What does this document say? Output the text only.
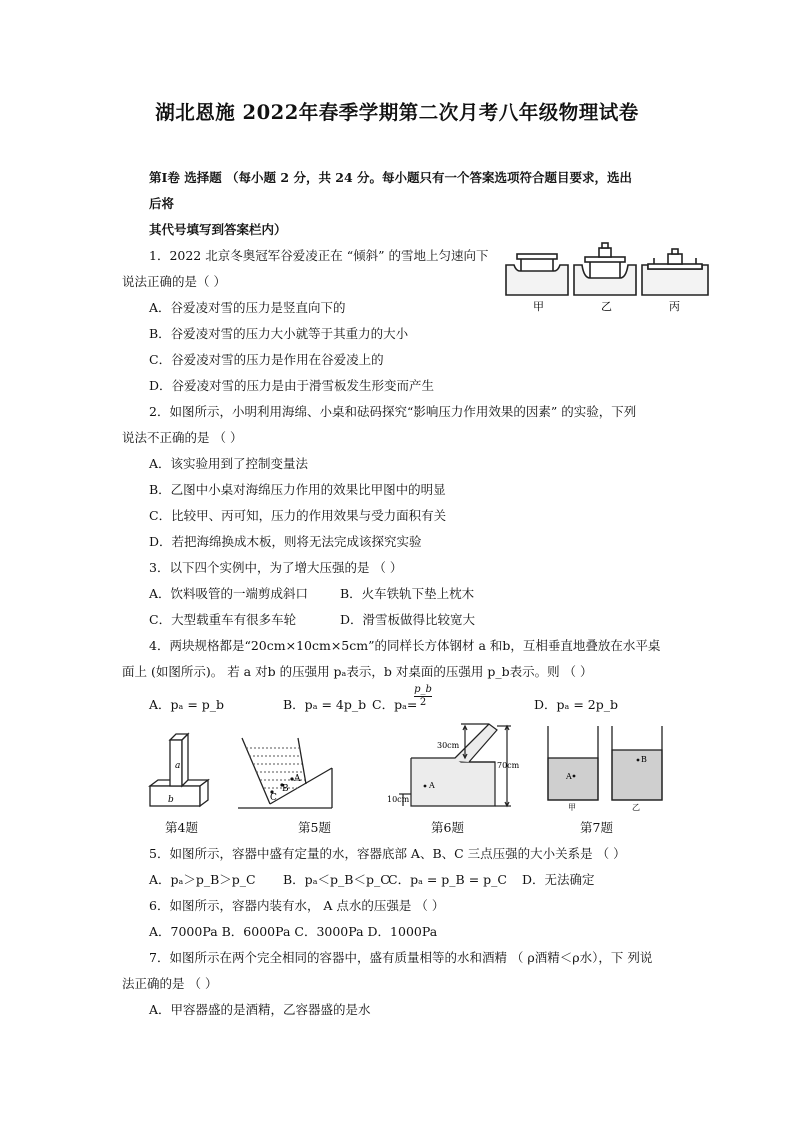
湖北恩施 2022年春季学期第二次月考八年级物理试卷
第Ⅰ卷 选择题 （每小题 2 分，共 24 分。每小题只有一个答案选项符合题目要求，选出
后将
其代号填写到答案栏内）
1．2022 北京冬奥冠军谷爱凌正在 “倾斜” 的雪地上匀速向下
说法正确的是（ ）
A．谷爱凌对雪的压力是竖直向下的
B．谷爱凌对雪的压力大小就等于其重力的大小
C．谷爱凌对雪的压力是作用在谷爱凌上的
D．谷爱凌对雪的压力是由于滑雪板发生形变而产生
甲	乙	丙
2．如图所示，小明利用海绵、小桌和砝码探究“影响压力作用效果的因素” 的实验，下列
说法不正确的是 （ ）
A．该实验用到了控制变量法
B．乙图中小桌对海绵压力作用的效果比甲图中的明显
C．比较甲、丙可知，压力的作用效果与受力面积有关
D．若把海绵换成木板，则将无法完成该探究实验
3．以下四个实例中，为了增大压强的是 （ ）
A．饮料吸管的一端剪成斜口	B．火车铁轨下垫上枕木
C．大型载重车有很多车轮	D．滑雪板做得比较宽大
4．两块规格都是“20cm×10cm×5cm”的同样长方体钢材 a 和b，互相垂直地叠放在水平桌
面上 (如图所示)。 若 a 对b 的压强用 pₐ表示，b 对桌面的压强用 p_b表示。则 （ ）
A．pₐ = p_b	B．pₐ = 4p_b C．pₐ=
$\frac{p\_b}{2}$	D．pₐ = 2p_b
a
b
第4题
A
B
C
第5题
A
30cm
70cm
10cm
第6题
A
B
甲	乙
第7题
5．如图所示，容器中盛有定量的水，容器底部 A、B、C 三点压强的大小关系是 （ ）
A．pₐ＞p_B＞p_C B．pₐ＜p_B＜p_C
C．pₐ = p_B = p_C D．无法确定
6．如图所示，容器内装有水， A 点水的压强是 （ ）
A．7000Pa B．6000Pa C．3000Pa D．1000Pa
7．如图所示在两个完全相同的容器中，盛有质量相等的水和酒精 （ ρ酒精＜ρ水），下 列说
法正确的是 （ ）
A．甲容器盛的是酒精，乙容器盛的是水
